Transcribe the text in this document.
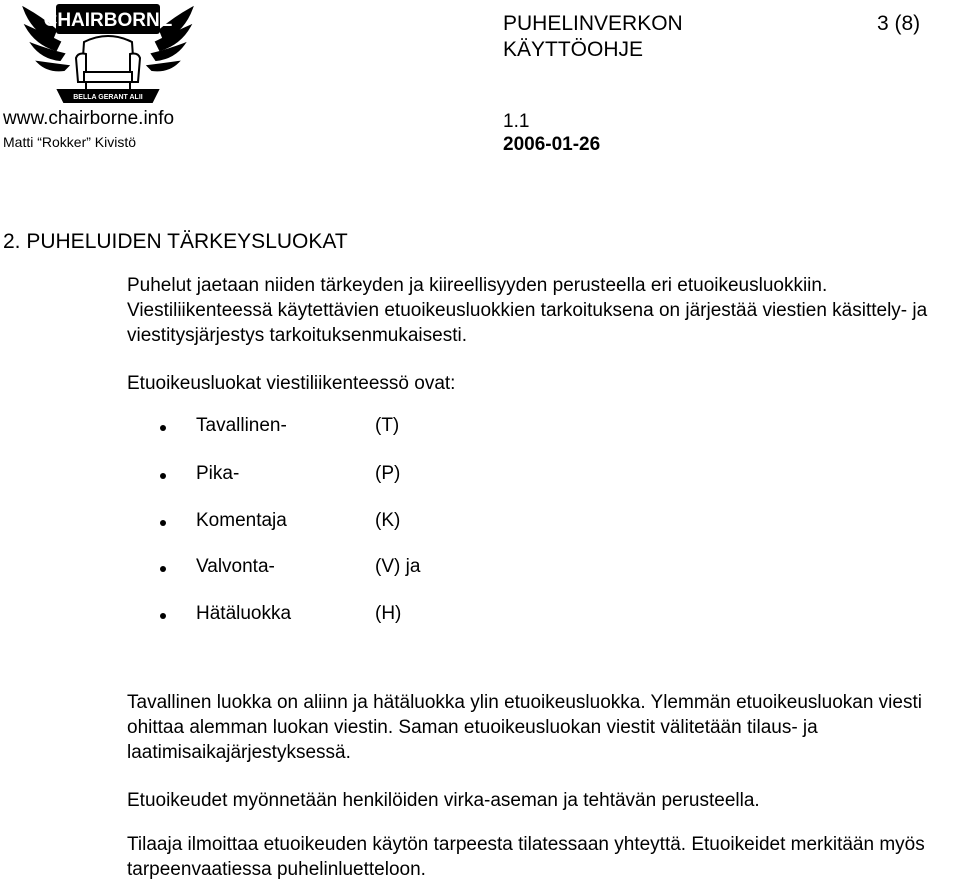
CHAIRBORNE
BELLA GERANT ALII
www.chairborne.info
Matti “Rokker” Kivistö
PUHELINVERKON
KÄYTTÖOHJE
3 (8)
1.1
2006-01-26
2. PUHELUIDEN TÄRKEYSLUOKAT
Puhelut jaetaan niiden tärkeyden ja kiireellisyyden perusteella eri etuoikeusluokkiin. Viestiliikenteessä käytettävien etuoikeusluokkien tarkoituksena on järjestää viestien käsittely- ja viestitysjärjestys tarkoituksenmukaisesti.
Etuoikeusluokat viestiliikenteessö ovat:
Tavallinen-	(T)
Pika-	(P)
Komentaja	(K)
Valvonta-	(V) ja
Hätäluokka	(H)
Tavallinen luokka on aliinn ja hätäluokka ylin etuoikeusluokka. Ylemmän etuoikeusluokan viesti ohittaa alemman luokan viestin. Saman etuoikeusluokan viestit välitetään tilaus- ja laatimisaikajärjestyksessä.
Etuoikeudet myönnetään henkilöiden virka-aseman ja tehtävän perusteella.
Tilaaja ilmoittaa etuoikeuden käytön tarpeesta tilatessaan yhteyttä. Etuoikeidet merkitään myös tarpeenvaatiessa puhelinluetteloon.
